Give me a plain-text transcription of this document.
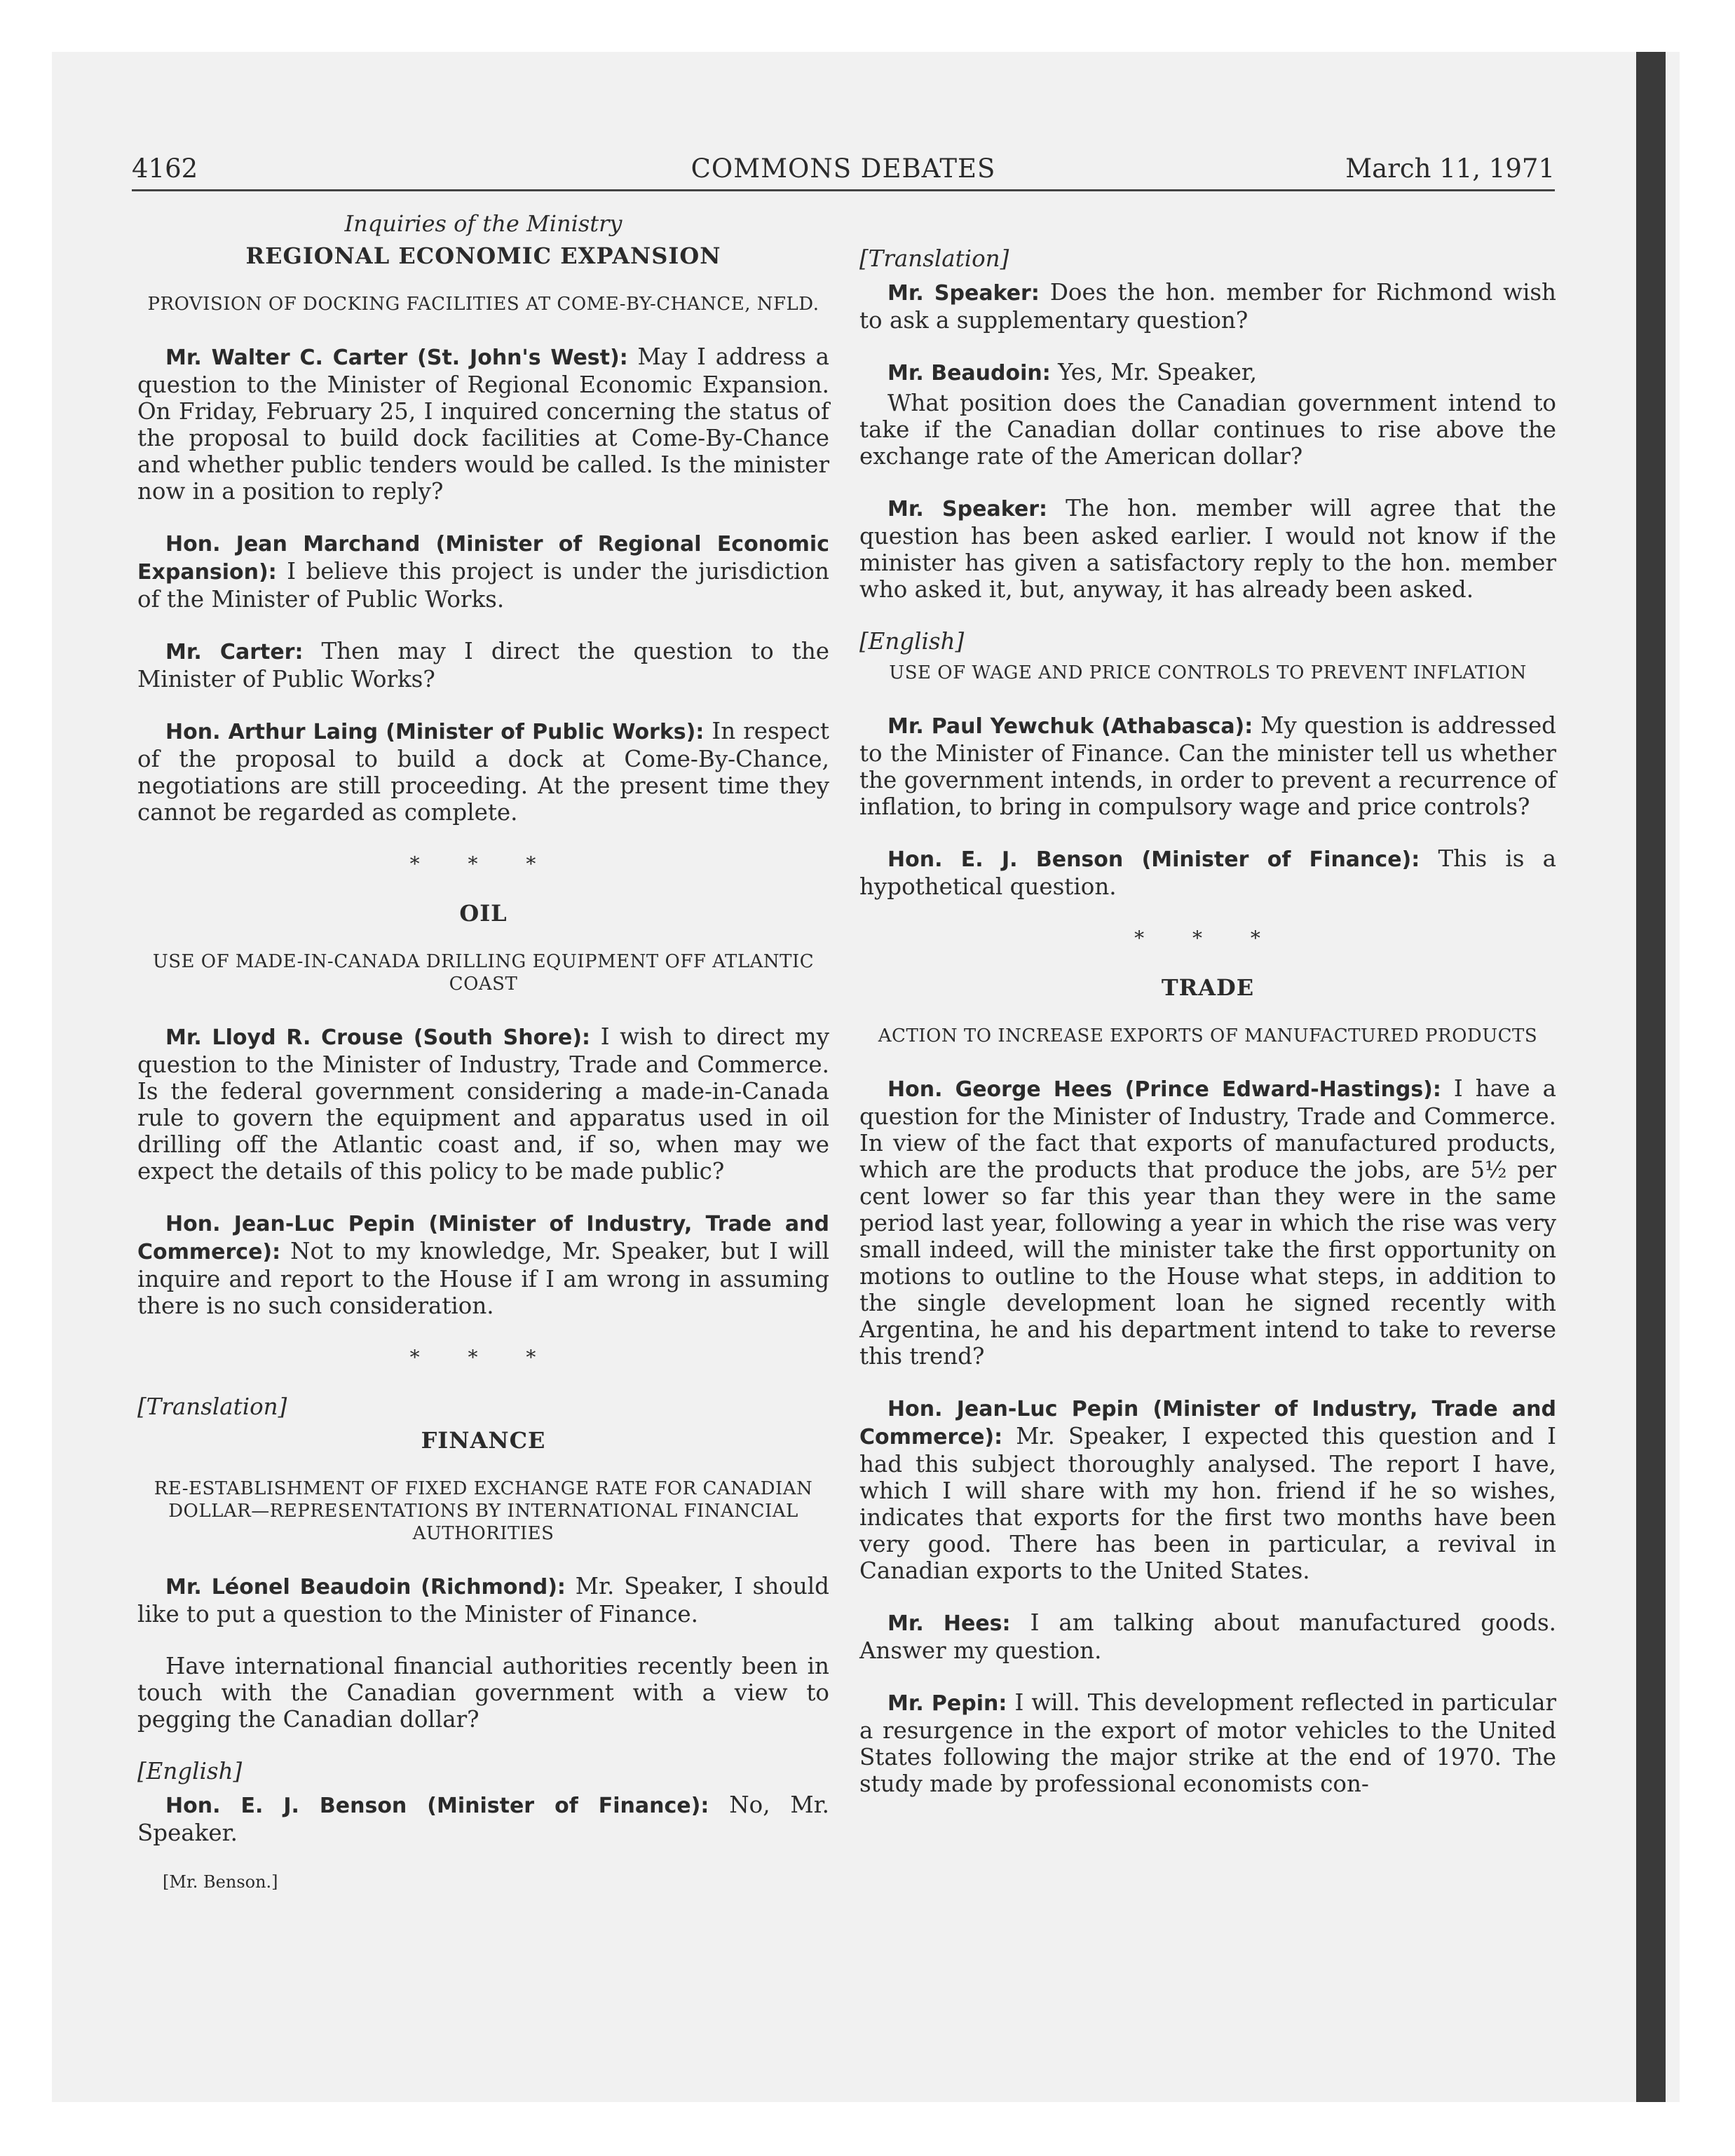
4162	COMMONS DEBATES	March 11, 1971
Inquiries of the Ministry
REGIONAL ECONOMIC EXPANSION
PROVISION OF DOCKING FACILITIES AT COME-BY-CHANCE, NFLD.

Mr. Walter C. Carter (St. John's West): May I address a question to the Minister of Regional Economic Expansion. On Friday, February 25, I inquired concerning the status of the proposal to build dock facilities at Come-By-Chance and whether public tenders would be called. Is the minister now in a position to reply?

Hon. Jean Marchand (Minister of Regional Economic Expansion): I believe this project is under the jurisdiction of the Minister of Public Works.

Mr. Carter: Then may I direct the question to the Minister of Public Works?

Hon. Arthur Laing (Minister of Public Works): In respect of the proposal to build a dock at Come-By-Chance, negotiations are still proceeding. At the present time they cannot be regarded as complete.

* * *
OIL
USE OF MADE-IN-CANADA DRILLING EQUIPMENT OFF ATLANTIC COAST

Mr. Lloyd R. Crouse (South Shore): I wish to direct my question to the Minister of Industry, Trade and Commerce. Is the federal government considering a made-in-Canada rule to govern the equipment and apparatus used in oil drilling off the Atlantic coast and, if so, when may we expect the details of this policy to be made public?

Hon. Jean-Luc Pepin (Minister of Industry, Trade and Commerce): Not to my knowledge, Mr. Speaker, but I will inquire and report to the House if I am wrong in assuming there is no such consideration.

* * *
[Translation]
FINANCE
RE-ESTABLISHMENT OF FIXED EXCHANGE RATE FOR CANADIAN DOLLAR—REPRESENTATIONS BY INTERNATIONAL FINANCIAL AUTHORITIES

Mr. Léonel Beaudoin (Richmond): Mr. Speaker, I should like to put a question to the Minister of Finance.

Have international financial authorities recently been in touch with the Canadian government with a view to pegging the Canadian dollar?

[English]

Hon. E. J. Benson (Minister of Finance): No, Mr. Speaker.

[Mr. Benson.]
[Translation]

Mr. Speaker: Does the hon. member for Richmond wish to ask a supplementary question?

Mr. Beaudoin: Yes, Mr. Speaker,

What position does the Canadian government intend to take if the Canadian dollar continues to rise above the exchange rate of the American dollar?

Mr. Speaker: The hon. member will agree that the question has been asked earlier. I would not know if the minister has given a satisfactory reply to the hon. member who asked it, but, anyway, it has already been asked.

[English]
USE OF WAGE AND PRICE CONTROLS TO PREVENT INFLATION

Mr. Paul Yewchuk (Athabasca): My question is addressed to the Minister of Finance. Can the minister tell us whether the government intends, in order to prevent a recurrence of inflation, to bring in compulsory wage and price controls?

Hon. E. J. Benson (Minister of Finance): This is a hypothetical question.

* * *
TRADE
ACTION TO INCREASE EXPORTS OF MANUFACTURED PRODUCTS

Hon. George Hees (Prince Edward-Hastings): I have a question for the Minister of Industry, Trade and Commerce. In view of the fact that exports of manufactured products, which are the products that produce the jobs, are 5½ per cent lower so far this year than they were in the same period last year, following a year in which the rise was very small indeed, will the minister take the first opportunity on motions to outline to the House what steps, in addition to the single development loan he signed recently with Argentina, he and his department intend to take to reverse this trend?

Hon. Jean-Luc Pepin (Minister of Industry, Trade and Commerce): Mr. Speaker, I expected this question and I had this subject thoroughly analysed. The report I have, which I will share with my hon. friend if he so wishes, indicates that exports for the first two months have been very good. There has been in particular, a revival in Canadian exports to the United States.

Mr. Hees: I am talking about manufactured goods. Answer my question.

Mr. Pepin: I will. This development reflected in particular a resurgence in the export of motor vehicles to the United States following the major strike at the end of 1970. The study made by professional economists con-
